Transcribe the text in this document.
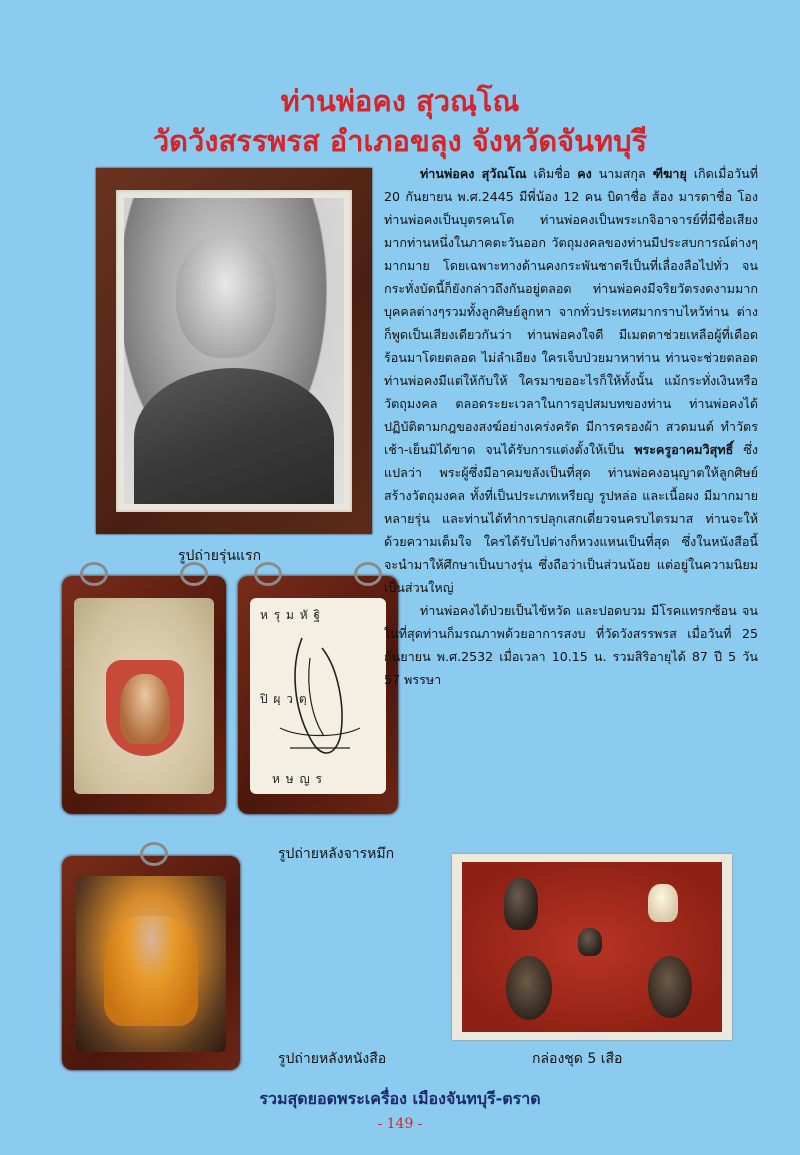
ท่านพ่อคง สุวณฺโณ
วัดวังสรรพรส อำเภอขลุง จังหวัดจันทบุรี
รูปถ่ายรุ่นแรก
ห รุ ม หั ฐิ
ปิ ผฺ ว ตฺ
ห ษ ญ ร
รูปถ่ายหลังจารหมึก
รูปถ่ายหลังหนังสือ	กล่องชุด 5 เสือ

ท่านพ่อคง สุวัณโณ เดิมชื่อ คง นามสกุล ฑีฆายุ เกิดเมื่อวันที่ 20 กันยายน พ.ศ.2445 มีพี่น้อง 12 คน บิดาชื่อ ส้อง มารดาชื่อ โอง ท่านพ่อคงเป็นบุตรคนโต ท่านพ่อคงเป็นพระเกจิอาจารย์ที่มีชื่อเสียงมากท่านหนึ่งในภาคตะวันออก วัตถุมงคลของท่านมีประสบการณ์ต่างๆมากมาย โดยเฉพาะทางด้านคงกระพันชาตรีเป็นที่เลื่องลือไปทั่ว จนกระทั่งบัดนี้ก็ยังกล่าวถึงกันอยู่ตลอด ท่านพ่อคงมีจริยวัตรงดงามมาก บุคคลต่างๆรวมทั้งลูกศิษย์ลูกหา จากทั่วประเทศมากราบไหว้ท่าน ต่างก็พูดเป็นเสียงเดียวกันว่า ท่านพ่อคงใจดี มีเมตตาช่วยเหลือผู้ที่เดือดร้อนมาโดยตลอด ไม่ลำเอียง ใครเจ็บป่วยมาหาท่าน ท่านจะช่วยตลอด ท่านพ่อคงมีแต่ให้กับให้ ใครมาขออะไรก็ให้ทั้งนั้น แม้กระทั่งเงินหรือวัตถุมงคล ตลอดระยะเวลาในการอุปสมบทของท่าน ท่านพ่อคงได้ปฏิบัติตามกฎของสงฆ์อย่างเคร่งครัด มีการครองผ้า สวดมนต์ ทำวัตรเช้า-เย็นมิได้ขาด จนได้รับการแต่งตั้งให้เป็น พระครูอาคมวิสุทธิ์ ซึ่งแปลว่า พระผู้ซึ่งมีอาคมขลังเป็นที่สุด ท่านพ่อคงอนุญาตให้ลูกศิษย์สร้างวัตถุมงคล ทั้งที่เป็นประเภทเหรียญ รูปหล่อ และเนื้อผง มีมากมายหลายรุ่น และท่านได้ทำการปลุกเสกเดี่ยวจนครบไตรมาส ท่านจะให้ด้วยความเต็มใจ ใครได้รับไปต่างก็หวงแหนเป็นที่สุด ซึ่งในหนังสือนี้ จะนำมาให้ศึกษาเป็นบางรุ่น ซึ่งถือว่าเป็นส่วนน้อย แต่อยู่ในความนิยมเป็นส่วนใหญ่

ท่านพ่อคงได้ป่วยเป็นไข้หวัด และปอดบวม มีโรคแทรกซ้อน จนในที่สุดท่านก็มรณภาพด้วยอาการสงบ ที่วัดวังสรรพรส เมื่อวันที่ 25 กันยายน พ.ศ.2532 เมื่อเวลา 10.15 น. รวมสิริอายุได้ 87 ปี 5 วัน 57 พรรษา

รวมสุดยอดพระเครื่อง เมืองจันทบุรี-ตราด
- 149 -
